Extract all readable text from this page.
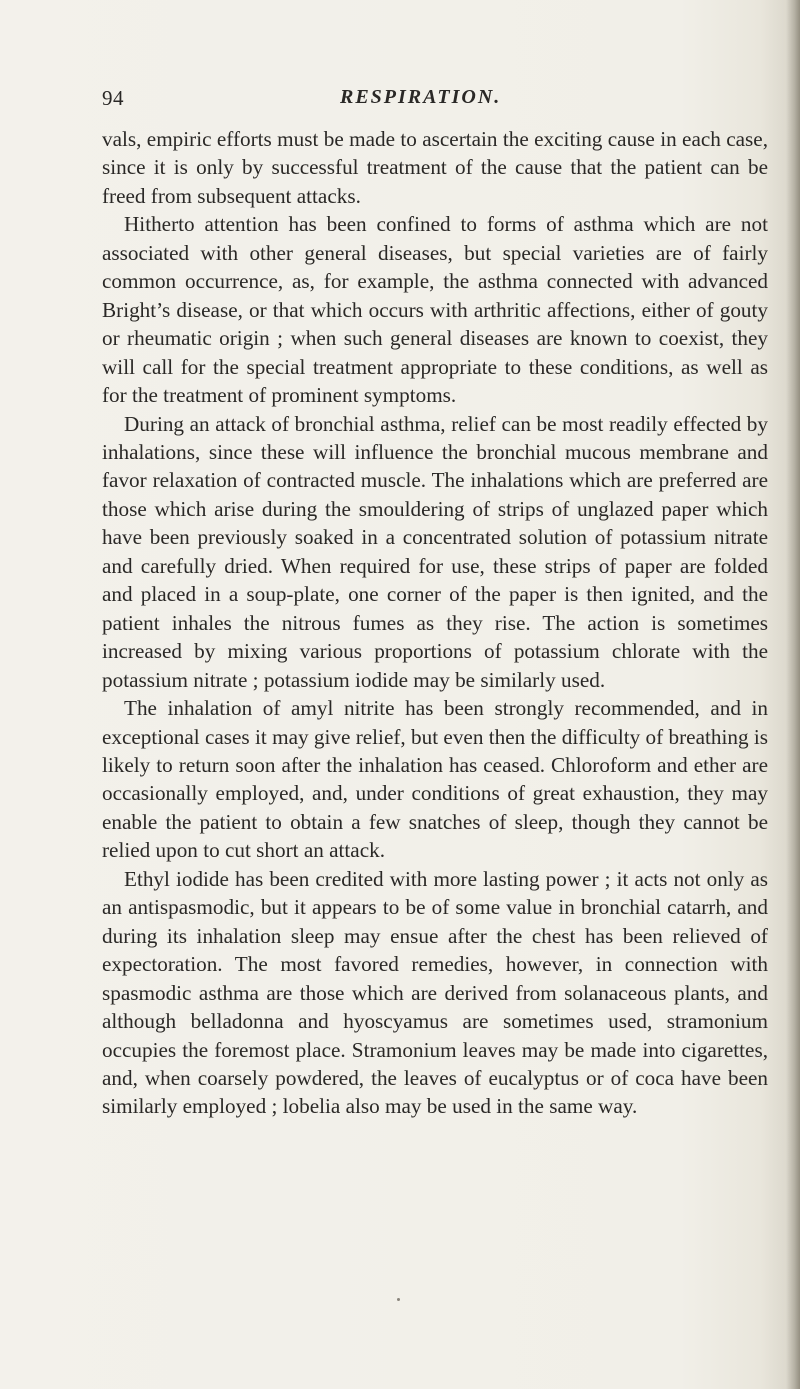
94	RESPIRATION.

vals, empiric efforts must be made to ascertain the exciting cause in each case, since it is only by successful treatment of the cause that the patient can be freed from subsequent attacks.

Hitherto attention has been confined to forms of asthma which are not associated with other general diseases, but special varieties are of fairly common occurrence, as, for example, the asthma connected with advanced Bright’s disease, or that which occurs with arthritic affections, either of gouty or rheumatic origin ; when such general diseases are known to coexist, they will call for the special treatment appropriate to these conditions, as well as for the treatment of prominent symptoms.

During an attack of bronchial asthma, relief can be most readily effected by inhalations, since these will influence the bronchial mucous membrane and favor relaxation of contracted muscle. The inhalations which are preferred are those which arise during the smouldering of strips of unglazed paper which have been previously soaked in a concentrated solution of potassium nitrate and carefully dried. When required for use, these strips of paper are folded and placed in a soup-plate, one corner of the paper is then ignited, and the patient inhales the nitrous fumes as they rise. The action is sometimes increased by mixing various proportions of potassium chlorate with the potassium nitrate ; potassium iodide may be similarly used.

The inhalation of amyl nitrite has been strongly recommended, and in exceptional cases it may give relief, but even then the difficulty of breathing is likely to return soon after the inhalation has ceased. Chloroform and ether are occasionally employed, and, under conditions of great exhaustion, they may enable the patient to obtain a few snatches of sleep, though they cannot be relied upon to cut short an attack.

Ethyl iodide has been credited with more lasting power ; it acts not only as an antispasmodic, but it appears to be of some value in bronchial catarrh, and during its inhalation sleep may ensue after the chest has been relieved of expectoration. The most favored remedies, however, in connection with spasmodic asthma are those which are derived from solanaceous plants, and although belladonna and hyoscyamus are sometimes used, stramonium occupies the foremost place. Stramonium leaves may be made into cigarettes, and, when coarsely powdered, the leaves of eucalyptus or of coca have been similarly employed ; lobelia also may be used in the same way.
